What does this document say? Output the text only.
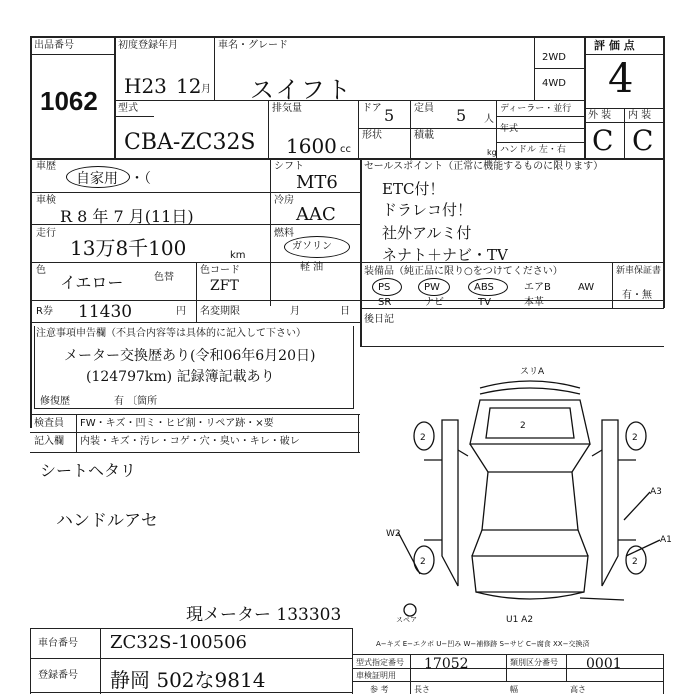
出品番号
1062
初度登録年月
H23 12 月
車名・グレード
スイフト
2WD
4WD
評 価 点
4
型式
CBA-ZC32S
排気量
1600 cc
ドア 5
形状
定員 5 人
積載
kg
ディーラー・並行
年式
ハンドル 左・右
外 装 内 装
C C
車歴
自家用 ・（
シフト
MT6
車検
R 8 年 7 月(11日)
冷房
AAC
走行
13万8千100	km
燃料
ガソリン
軽 油
色
イエロー	色替
色コード
ZFT
R券 11430	円 名変期限	月	日
セールスポイント（正常に機能するものに限ります）
ETC付！
ドラレコ付！
社外アルミ付
ネナト＋ナビ・TV
装備品（純正品に限り○をつけてください）
PS	PW	ABS	エアB	AW
SR	ナビ	TV	本革
新車保証書
有・無
後日記
注意事項申告欄（不具合内容等は具体的に記入して下さい）
メーター交換歴あり(令和06年6月20日)
(124797km) 記録簿記載あり
修復歴	有 〔箇所
検査員
記入欄
FW・キズ・凹ミ・ヒビ割・リペア跡・×要
内装・キズ・汚レ・コゲ・穴・臭い・キレ・破レ
シートヘタリ
ハンドルアセ
現メーター 133303
スリA
2	2
2
A3
A1
W2
2	2
スペア	U1 A2
A−キズ E−エクボ U−凹み W−補修跡 S−サビ C−腐食 XX−交換済
車台番号 ZC32S-100506
登録番号 静岡 502な9814
型式指定番号 17052	類別区分番号 0001
車検証明用
参 考	長さ	幅	高さ
